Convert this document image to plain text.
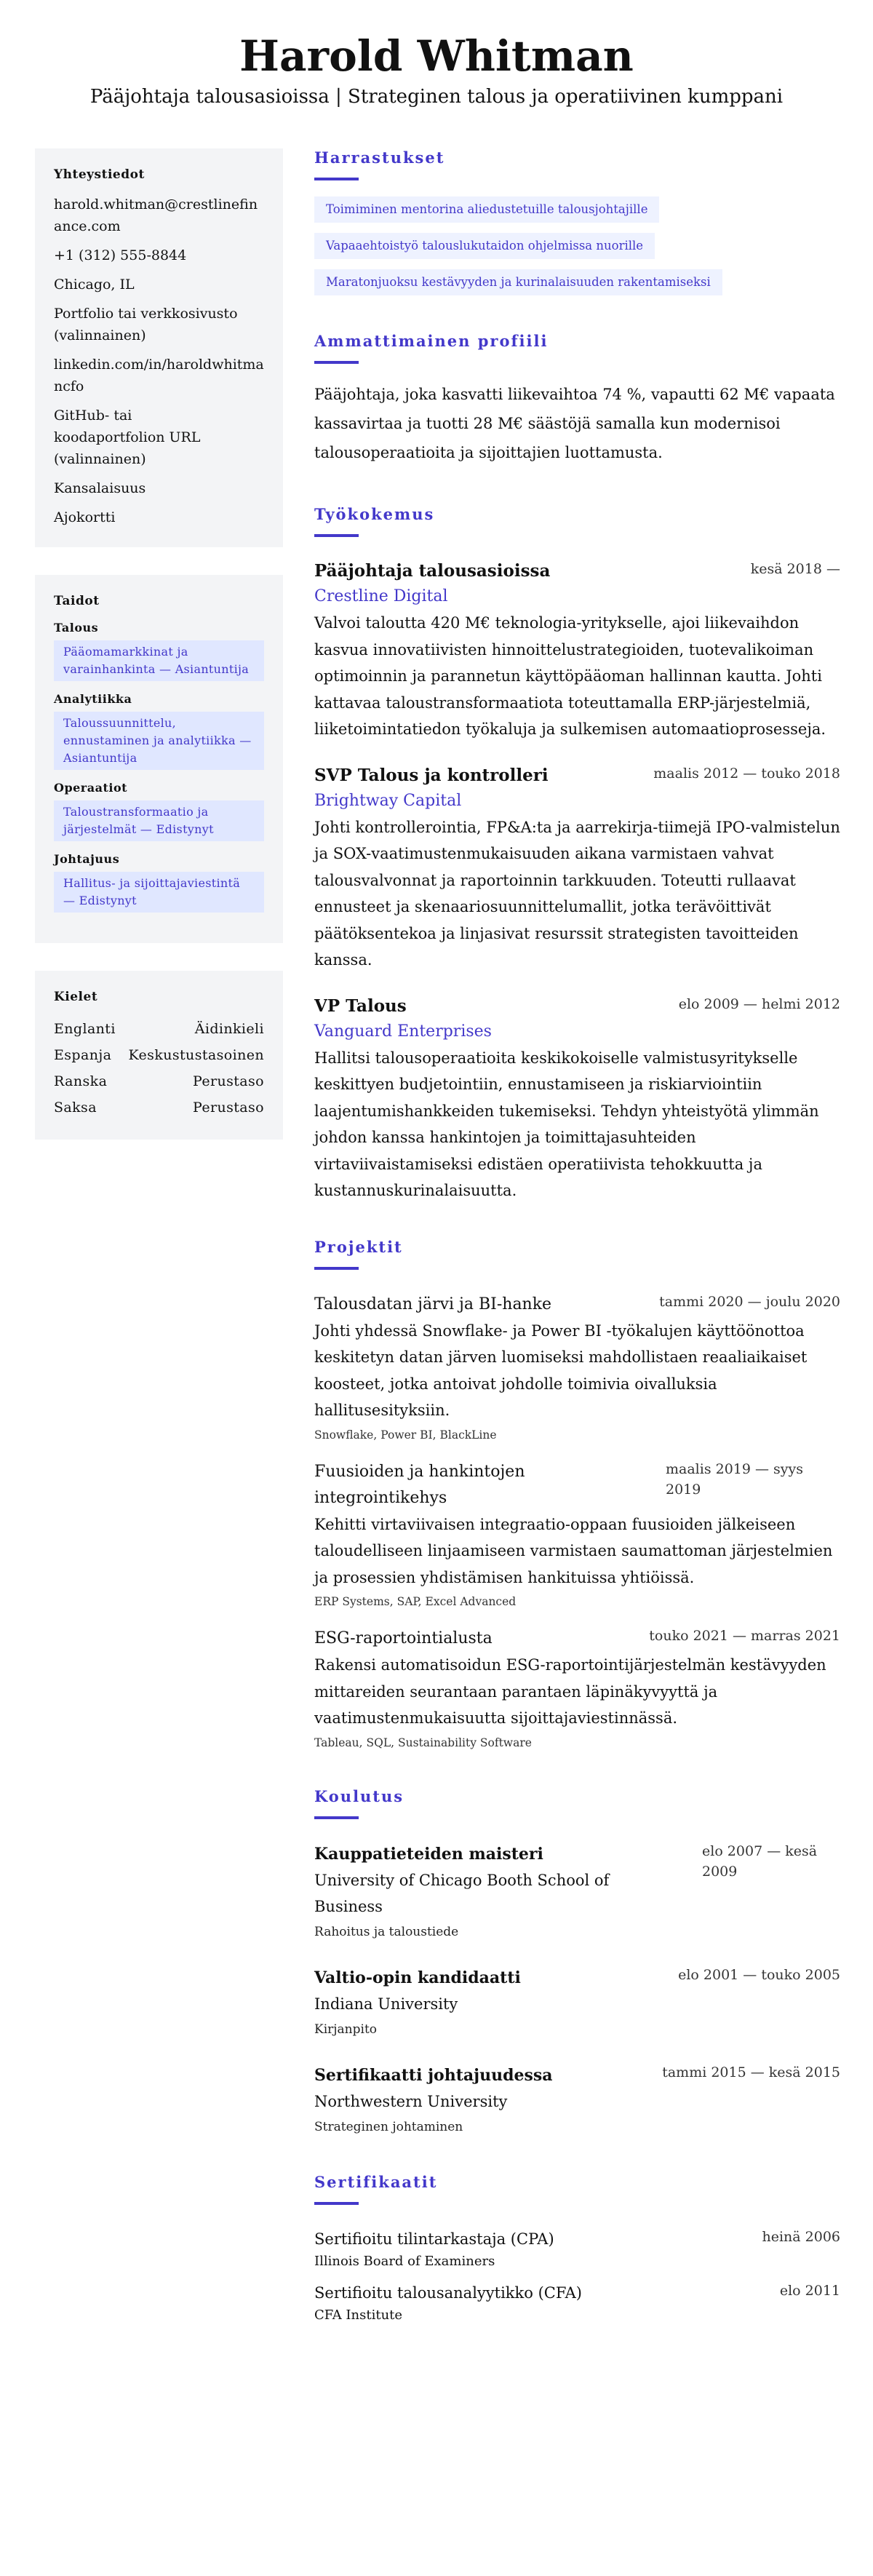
Harold Whitman
Pääjohtaja talousasioissa | Strateginen talous ja operatiivinen kumppani
Yhteystiedot
harold.whitman@crestlinefinance.com
+1 (312) 555-8844
Chicago, IL
Portfolio tai verkkosivusto (valinnainen)
linkedin.com/in/haroldwhitmancfo
GitHub- tai koodaportfolion URL (valinnainen)
Kansalaisuus
Ajokortti
Taidot
Talous
Pääomamarkkinat ja varainhankinta — Asiantuntija
Analytiikka
Taloussuunnittelu, ennustaminen ja analytiikka — Asiantuntija
Operaatiot
Taloustransformaatio ja järjestelmät — Edistynyt
Johtajuus
Hallitus- ja sijoittajaviestintä — Edistynyt
Kielet
Englanti	Äidinkieli
Espanja Keskustustasoinen
Ranska	Perustaso
Saksa	Perustaso
Harrastukset
Toimiminen mentorina aliedustetuille talousjohtajille
Vapaaehtoistyö talouslukutaidon ohjelmissa nuorille
Maratonjuoksu kestävyyden ja kurinalaisuuden rakentamiseksi
Ammattimainen profiili
Pääjohtaja, joka kasvatti liikevaihtoa 74 %, vapautti 62 M€ vapaata kassavirtaa ja tuotti 28 M€ säästöjä samalla kun modernisoi talousoperaatioita ja sijoittajien luottamusta.
Työkokemus
Pääjohtaja talousasioissa	kesä 2018 —
Crestline Digital
Valvoi taloutta 420 M€ teknologia-yritykselle, ajoi liikevaihdon kasvua innovatiivisten hinnoittelustrategioiden, tuotevalikoiman optimoinnin ja parannetun käyttöpääoman hallinnan kautta. Johti kattavaa taloustransformaatiota toteuttamalla ERP-järjestelmiä, liiketoimintatiedon työkaluja ja sulkemisen automaatioprosesseja.
SVP Talous ja kontrolleri	maalis 2012 — touko 2018
Brightway Capital
Johti kontrollerointia, FP&A:ta ja aarrekirja-tiimejä IPO-valmistelun ja SOX-vaatimustenmukaisuuden aikana varmistaen vahvat talousvalvonnat ja raportoinnin tarkkuuden. Toteutti rullaavat ennusteet ja skenaariosuunnittelumallit, jotka terävöittivät päätöksentekoa ja linjasivat resurssit strategisten tavoitteiden kanssa.
VP Talous	elo 2009 — helmi 2012
Vanguard Enterprises
Hallitsi talousoperaatioita keskikokoiselle valmistusyritykselle keskittyen budjetointiin, ennustamiseen ja riskiarviointiin laajentumishankkeiden tukemiseksi. Tehdyn yhteistyötä ylimmän johdon kanssa hankintojen ja toimittajasuhteiden virtaviivaistamiseksi edistäen operatiivista tehokkuutta ja kustannuskurinalaisuutta.
Projektit
Talousdatan järvi ja BI-hanke	tammi 2020 — joulu 2020
Johti yhdessä Snowflake- ja Power BI -työkalujen käyttöönottoa keskitetyn datan järven luomiseksi mahdollistaen reaaliaikaiset koosteet, jotka antoivat johdolle toimivia oivalluksia hallitusesityksiin.
Snowflake, Power BI, BlackLine
Fuusioiden ja hankintojen integrointikehys
maalis 2019 — syys 2019
Kehitti virtaviivaisen integraatio-oppaan fuusioiden jälkeiseen taloudelliseen linjaamiseen varmistaen saumattoman järjestelmien ja prosessien yhdistämisen hankituissa yhtiöissä.
ERP Systems, SAP, Excel Advanced
ESG-raportointialusta	touko 2021 — marras 2021
Rakensi automatisoidun ESG-raportointijärjestelmän kestävyyden mittareiden seurantaan parantaen läpinäkyvyyttä ja vaatimustenmukaisuutta sijoittajaviestinnässä.
Tableau, SQL, Sustainability Software
Koulutus
Kauppatieteiden maisteri
University of Chicago Booth School of Business
Rahoitus ja taloustiede
elo 2007 — kesä 2009
Valtio-opin kandidaatti
Indiana University
Kirjanpito
elo 2001 — touko 2005
Sertifikaatti johtajuudessa
Northwestern University
Strateginen johtaminen
tammi 2015 — kesä 2015
Sertifikaatit
Sertifioitu tilintarkastaja (CPA)	heinä 2006
Illinois Board of Examiners
Sertifioitu talousanalyytikko (CFA)	elo 2011
CFA Institute
